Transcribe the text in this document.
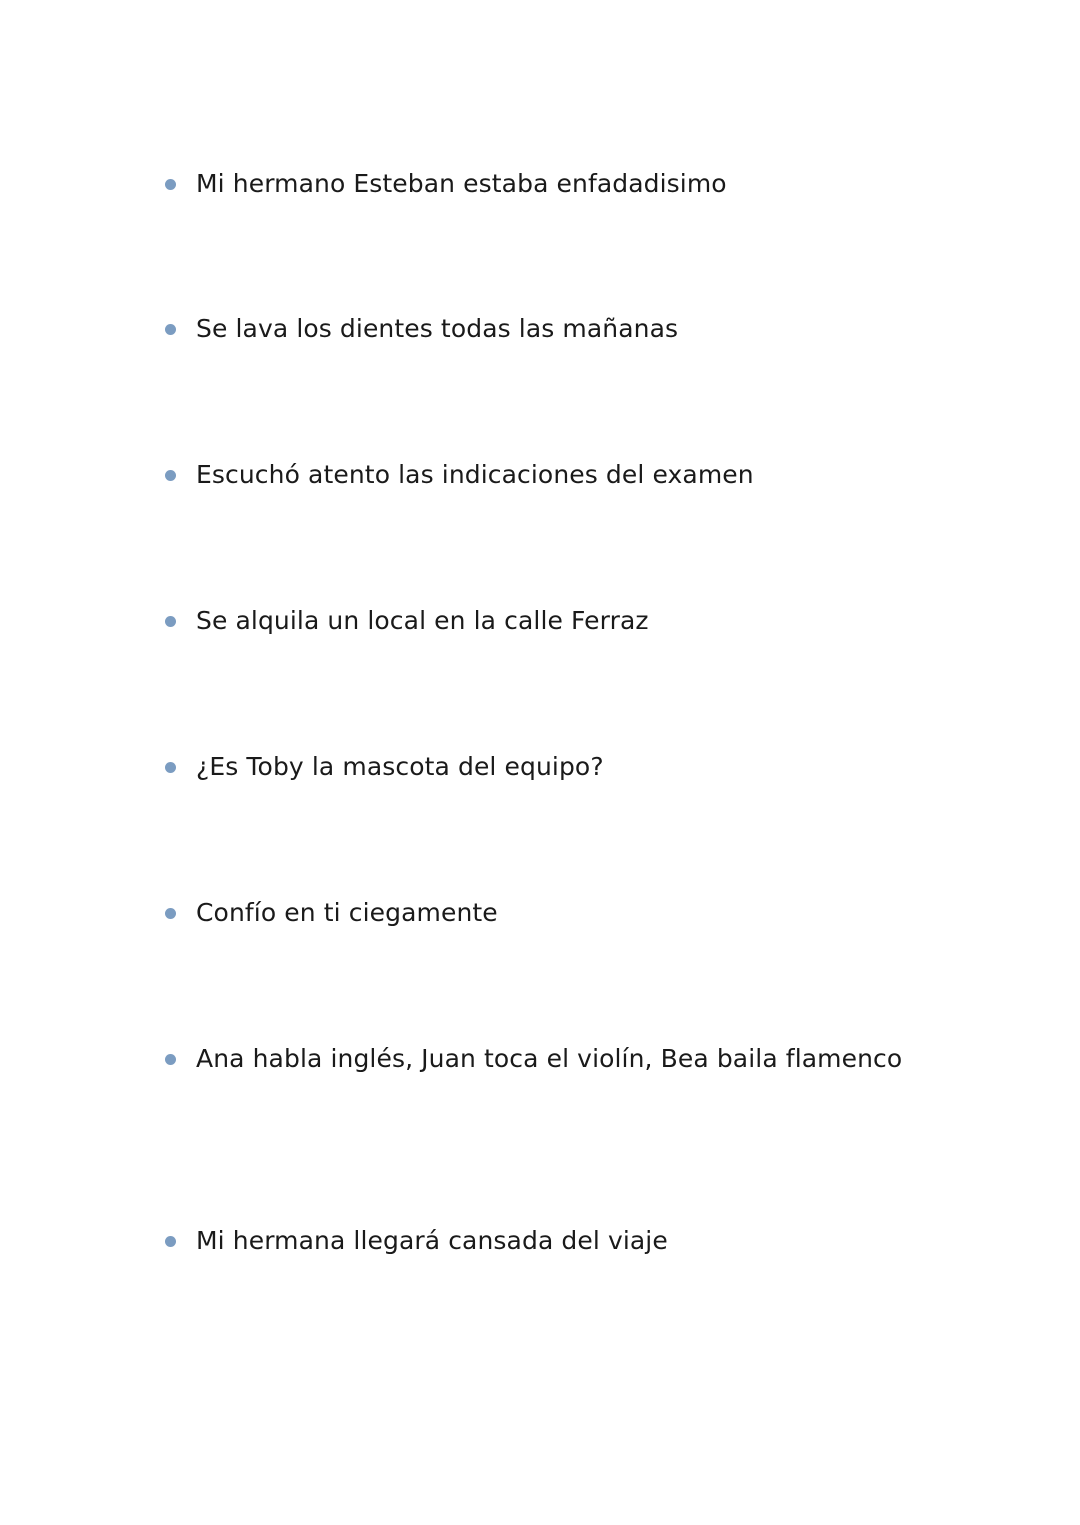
Mi hermano Esteban estaba enfadadisimo
Se lava los dientes todas las mañanas
Escuchó atento las indicaciones del examen
Se alquila un local en la calle Ferraz
¿Es Toby la mascota del equipo?
Confío en ti ciegamente
Ana habla inglés, Juan toca el violín, Bea baila flamenco
Mi hermana llegará cansada del viaje
